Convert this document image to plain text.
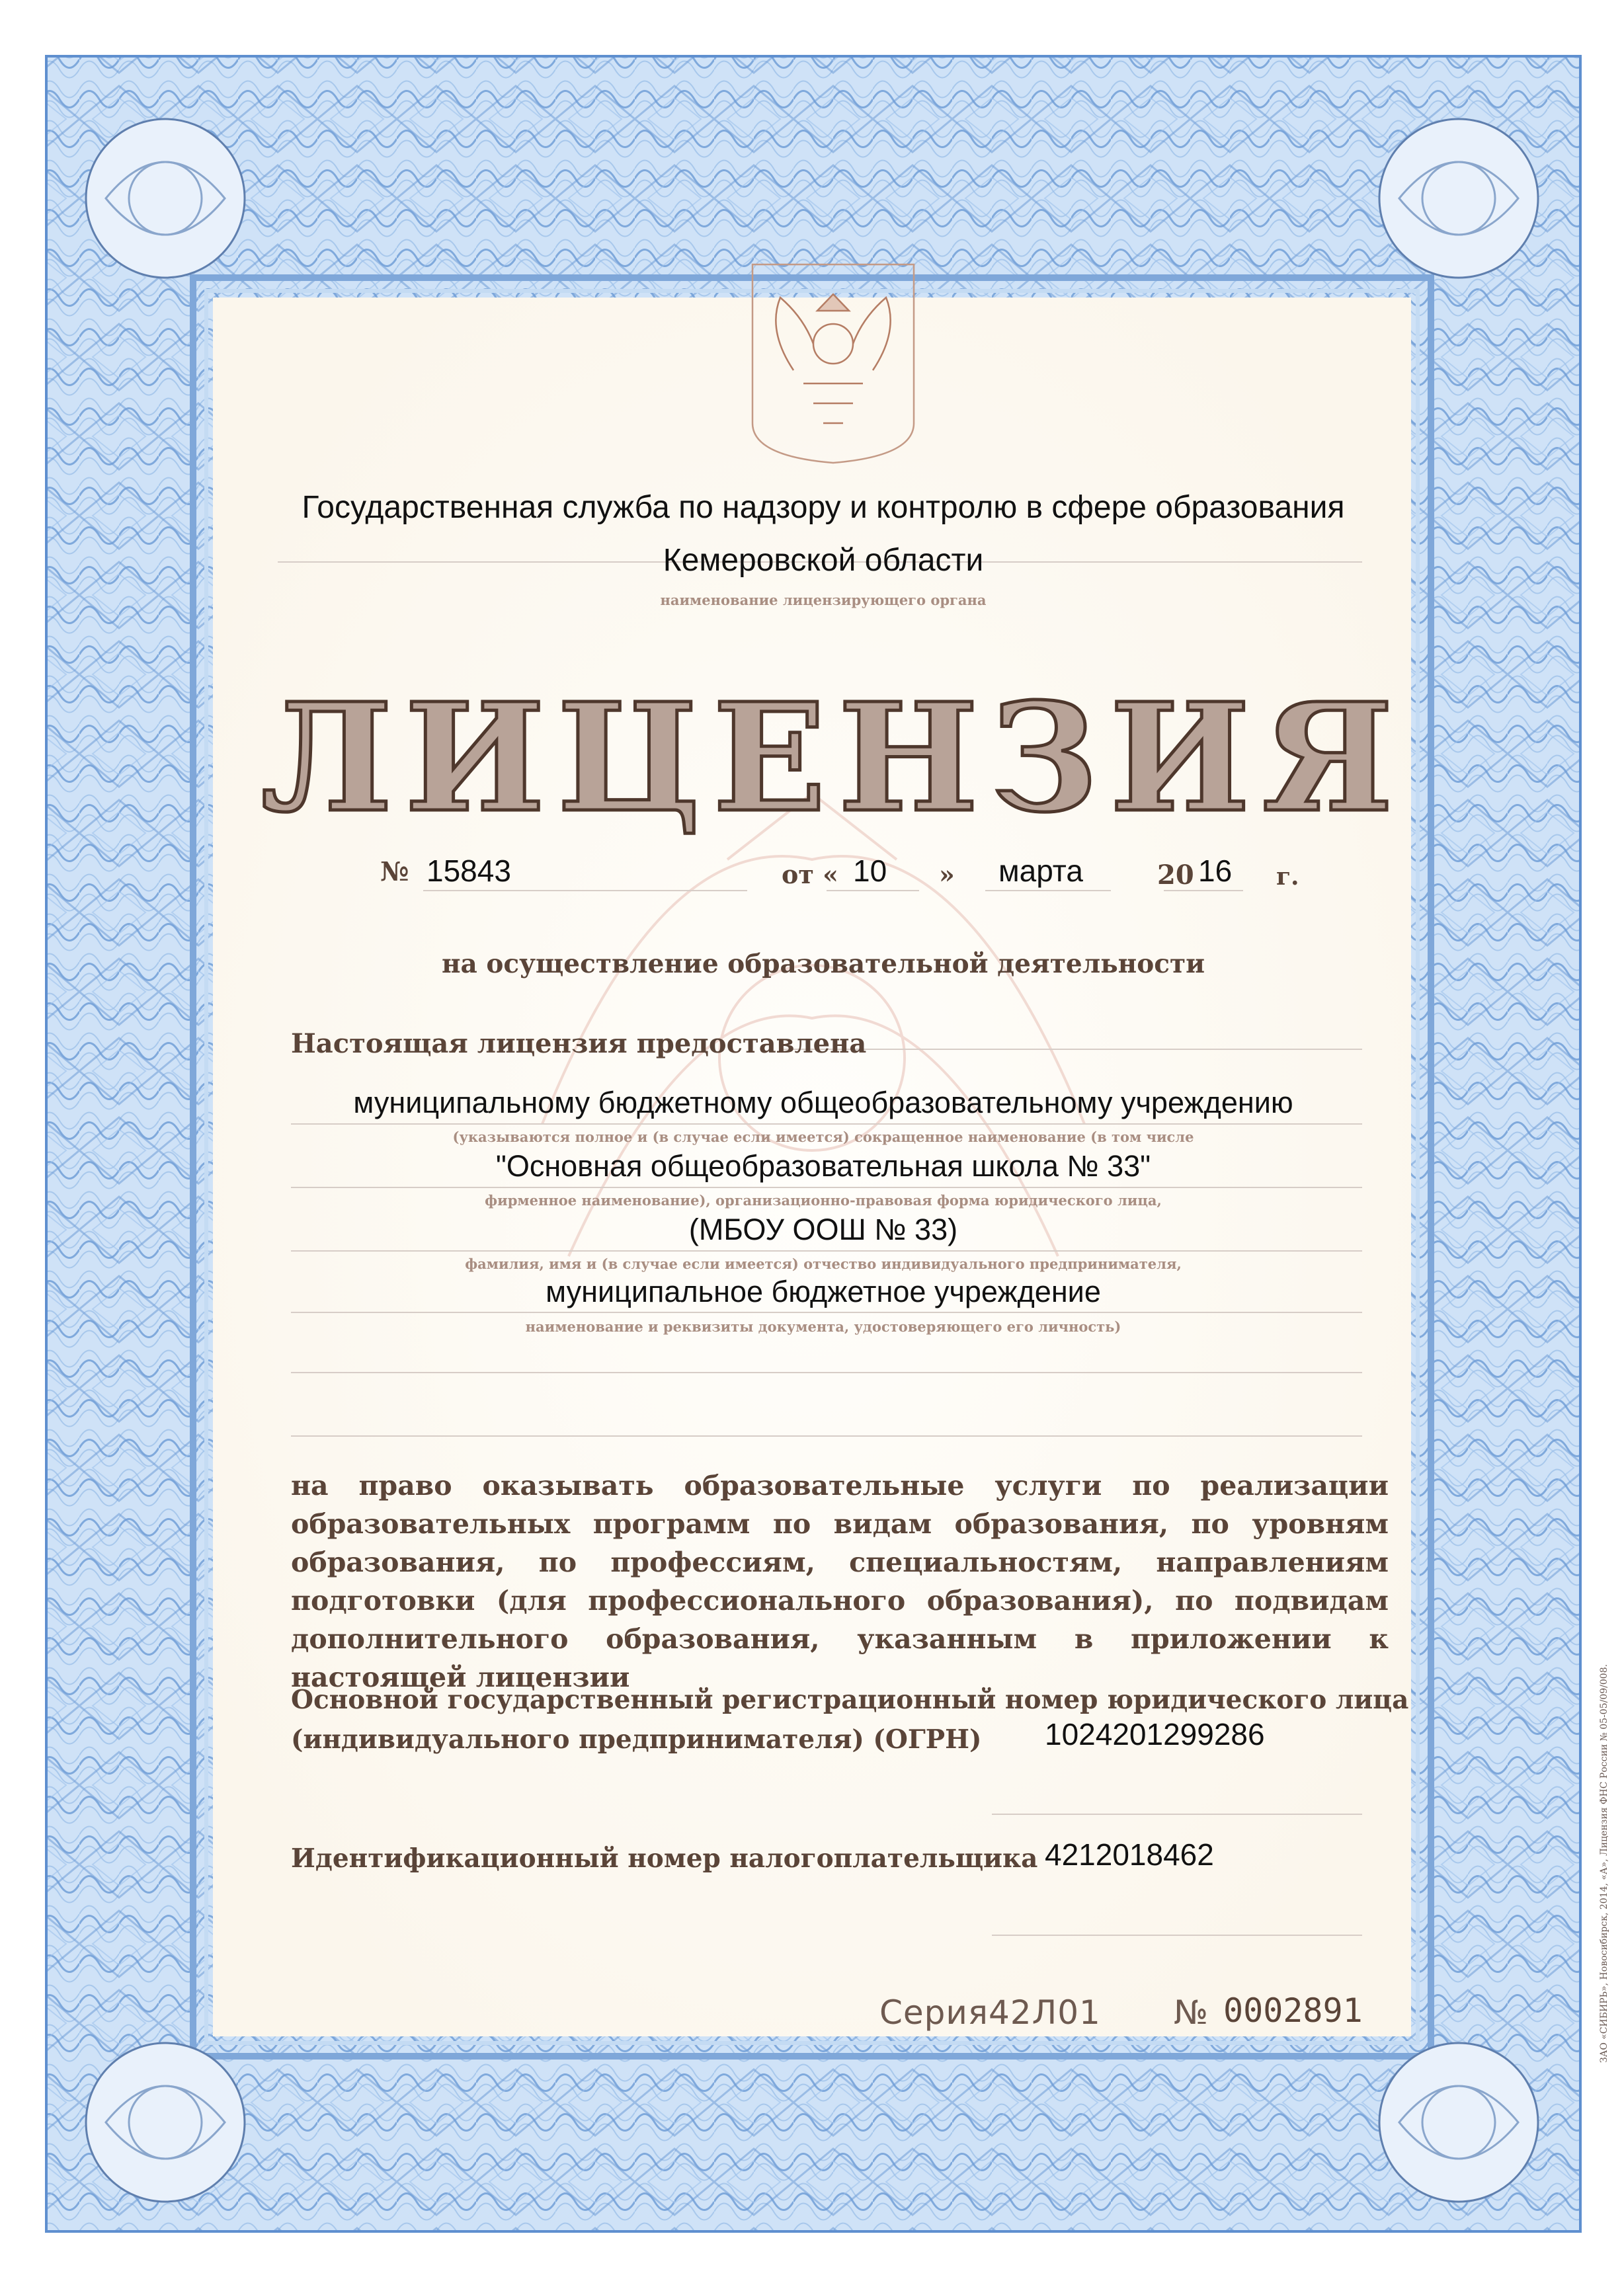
ЛИЦЕНЗИЯ
Государственная служба по надзору и контролю в сфере образования
Кемеровской области
наименование лицензирующего органа
№ 15843	от « 10 » марта	20 16 г.
на осуществление образовательной деятельности
Настоящая лицензия предоставлена
муниципальному бюджетному общеобразовательному учреждению
(указываются полное и (в случае если имеется) сокращенное наименование (в том числе
"Основная общеобразовательная школа № 33"
фирменное наименование), организационно-правовая форма юридического лица,
(МБОУ ООШ № 33)
фамилия, имя и (в случае если имеется) отчество индивидуального предпринимателя,
муниципальное бюджетное учреждение
наименование и реквизиты документа, удостоверяющего его личность)
на право оказывать образовательные услуги по реализации образовательных программ по видам образования, по уровням образования, по профессиям, специальностям, направлениям подготовки (для профессионального образования), по подвидам дополнительного образования, указанным в приложении к настоящей лицензии
Основной государственный регистрационный номер юридического лица
(индивидуального предпринимателя) (ОГРН) 1024201299286
Идентификационный номер налогоплательщика 4212018462
Серия 42Л01 № 0002891	ЗАО «СИБИРЬ», Новосибирск, 2014, «А», Лицензия ФНС России № 05-05/09/008.
